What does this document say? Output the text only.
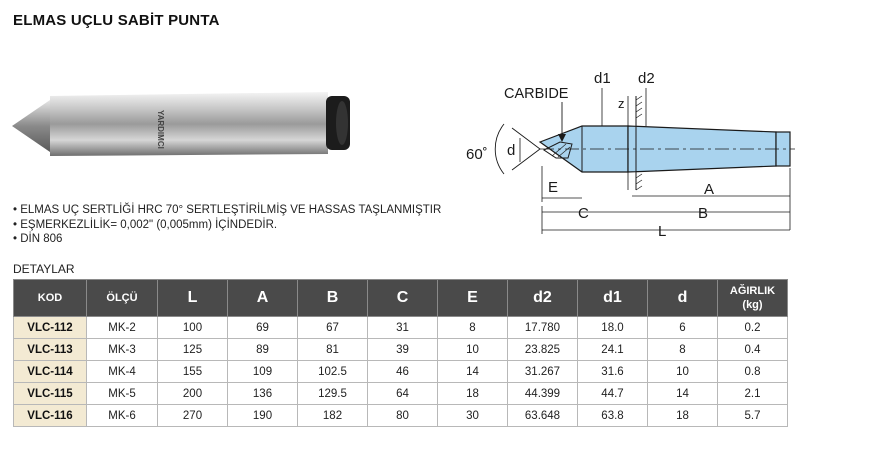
ELMAS UÇLU SABİT PUNTA
YARDIMCI
60˚ d
CARBIDE
d1 d2
z
E	A
C	B
L
• ELMAS UÇ SERTLİĞİ HRC 70° SERTLEŞTİRİLMİŞ VE HASSAS TAŞLANMIŞTIR
• EŞMERKEZLİLİK= 0,002" (0,005mm) İÇİNDEDİR.
• DİN 806
DETAYLAR
KOD	ÖLÇÜ	L	A	B	C	E	d2	d1	d	AĞIRLIK
(kg)
VLC-112	MK-2	100	69	67	31	8	17.780	18.0	6	0.2
VLC-113	MK-3	125	89	81	39	10	23.825	24.1	8	0.4
VLC-114	MK-4	155	109	102.5	46	14	31.267	31.6	10	0.8
VLC-115	MK-5	200	136	129.5	64	18	44.399	44.7	14	2.1
VLC-116	MK-6	270	190	182	80	30	63.648	63.8	18	5.7
